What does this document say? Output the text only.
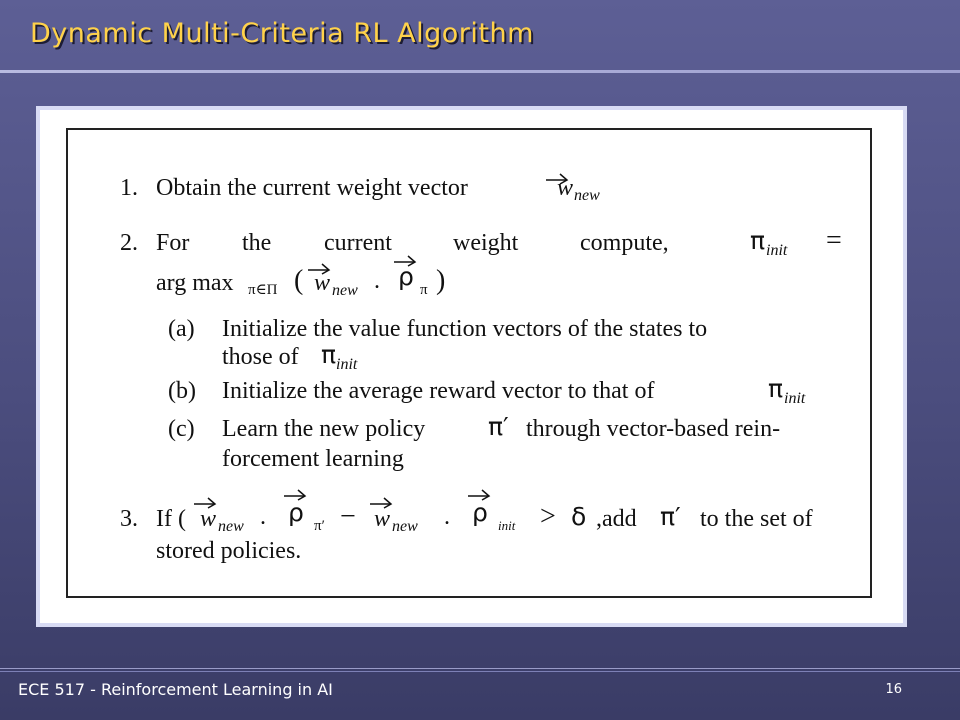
Dynamic Multi-Criteria RL Algorithm
1. Obtain the current weight vector	w new
2. For the current	weight	compute,	π init =
arg max π∈Π ( w new . ρ π )
(a) Initialize the value function vectors of the states to
those of π init
(b) Initialize the average reward vector to that of	π init
(c) Learn the new policy	π′ through vector-based rein-
forcement learning
3. If ( w new . ρ π′ − w new . ρ init > δ ,add π′ to the set of
stored policies.
ECE 517 - Reinforcement Learning in AI	16
